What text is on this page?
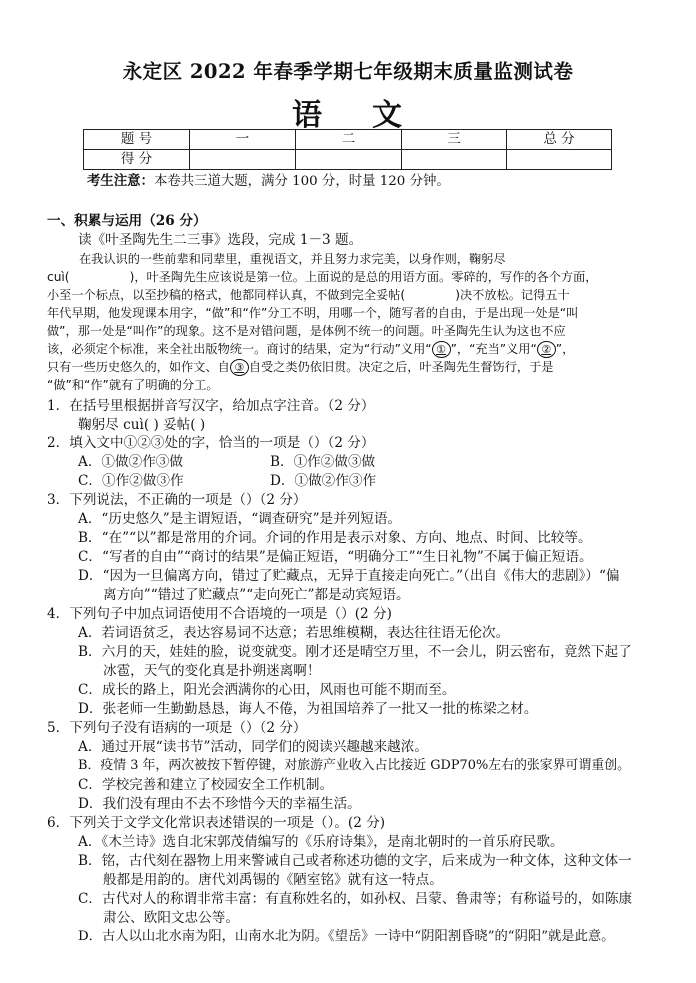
永定区 2022 年春季学期七年级期末质量监测试卷
语 文
题 号	一	二	三	总 分
得 分				
考生注意：本卷共三道大题，满分 100 分，时量 120 分钟。
一、积累与运用（26 分）
读《叶圣陶先生二三事》选段，完成 1－3 题。
在我认识的一些前辈和同辈里，重视语文，并且努力求完美，以身作则，鞠躬尽
cuì(	)，叶圣陶先生应该说是第一位。上面说的是总的用语方面。零碎的，写作的各个方面，
小至一个标点，以至抄稿的格式，他都同样认真，不做到完全妥帖(	)决不放松。记得五十
年代早期，他发现课本用字，“做”和“作”分工不明，用哪一个，随写者的自由，于是出现一处是“叫
做”，那一处是“叫作”的现象。这不是对错问题，是体例不统一的问题。叶圣陶先生认为这也不应
该，必须定个标准，来全社出版物统一。商讨的结果，定为“行动”义用“ ① ”，“充当”义用“ ② ”，
只有一些历史悠久的，如作文、自 ③ 自受之类仍依旧贯。决定之后，叶圣陶先生督饬行，于是
“做”和“作”就有了明确的分工。
1．在括号里根据拼音写汉字，给加点字注音。（2 分）
鞠躬尽 cuì( ) 妥帖( )
2．填入文中①②③处的字，恰当的一项是（）（2 分）
A．①做②作③做	B．①作②做③做
C．①作②做③作	D．①做②作③作
3．下列说法，不正确的一项是（）（2 分）
A．“历史悠久”是主谓短语，“调查研究”是并列短语。
B．“在”“以”都是常用的介词。介词的作用是表示对象、方向、地点、时间、比较等。
C．“写者的自由”“商讨的结果”是偏正短语，“明确分工”“生日礼物”不属于偏正短语。
D．“因为一旦偏离方向，错过了贮藏点，无异于直接走向死亡。”（出自《伟大的悲剧》）“偏
离方向”“错过了贮藏点”“走向死亡”都是动宾短语。
4．下列句子中加点词语使用不合语境的一项是（）(2 分)
A．若词语贫乏，表达容易词不达意；若思维模糊，表达往往语无伦次。
B．六月的天，娃娃的脸，说变就变。刚才还是晴空万里，不一会儿，阴云密布，竟然下起了
冰雹，天气的变化真是扑朔迷离啊！
C．成长的路上，阳光会洒满你的心田，风雨也可能不期而至。
D．张老师一生勤勤恳恳，诲人不倦，为祖国培养了一批又一批的栋梁之材。
5．下列句子没有语病的一项是（）（2 分）
A．通过开展“读书节”活动，同学们的阅读兴趣越来越浓。
B．疫情 3 年，两次被按下暂停键，对旅游产业收入占比接近 GDP70%左右的张家界可谓重创。
C．学校完善和建立了校园安全工作机制。
D．我们没有理由不去不珍惜今天的幸福生活。
6．下列关于文学文化常识表述错误的一项是（）。(2 分)
A．《木兰诗》选自北宋郭茂倩编写的《乐府诗集》，是南北朝时的一首乐府民歌。
B．铭，古代刻在器物上用来警诫自己或者称述功德的文字，后来成为一种文体，这种文体一
般都是用韵的。唐代刘禹锡的《陋室铭》就有这一特点。
C．古代对人的称谓非常丰富：有直称姓名的，如孙权、吕蒙、鲁肃等；有称谥号的，如陈康
肃公、欧阳文忠公等。
D．古人以山北水南为阳，山南水北为阴。《望岳》一诗中“阴阳割昏晓”的“阴阳”就是此意。
